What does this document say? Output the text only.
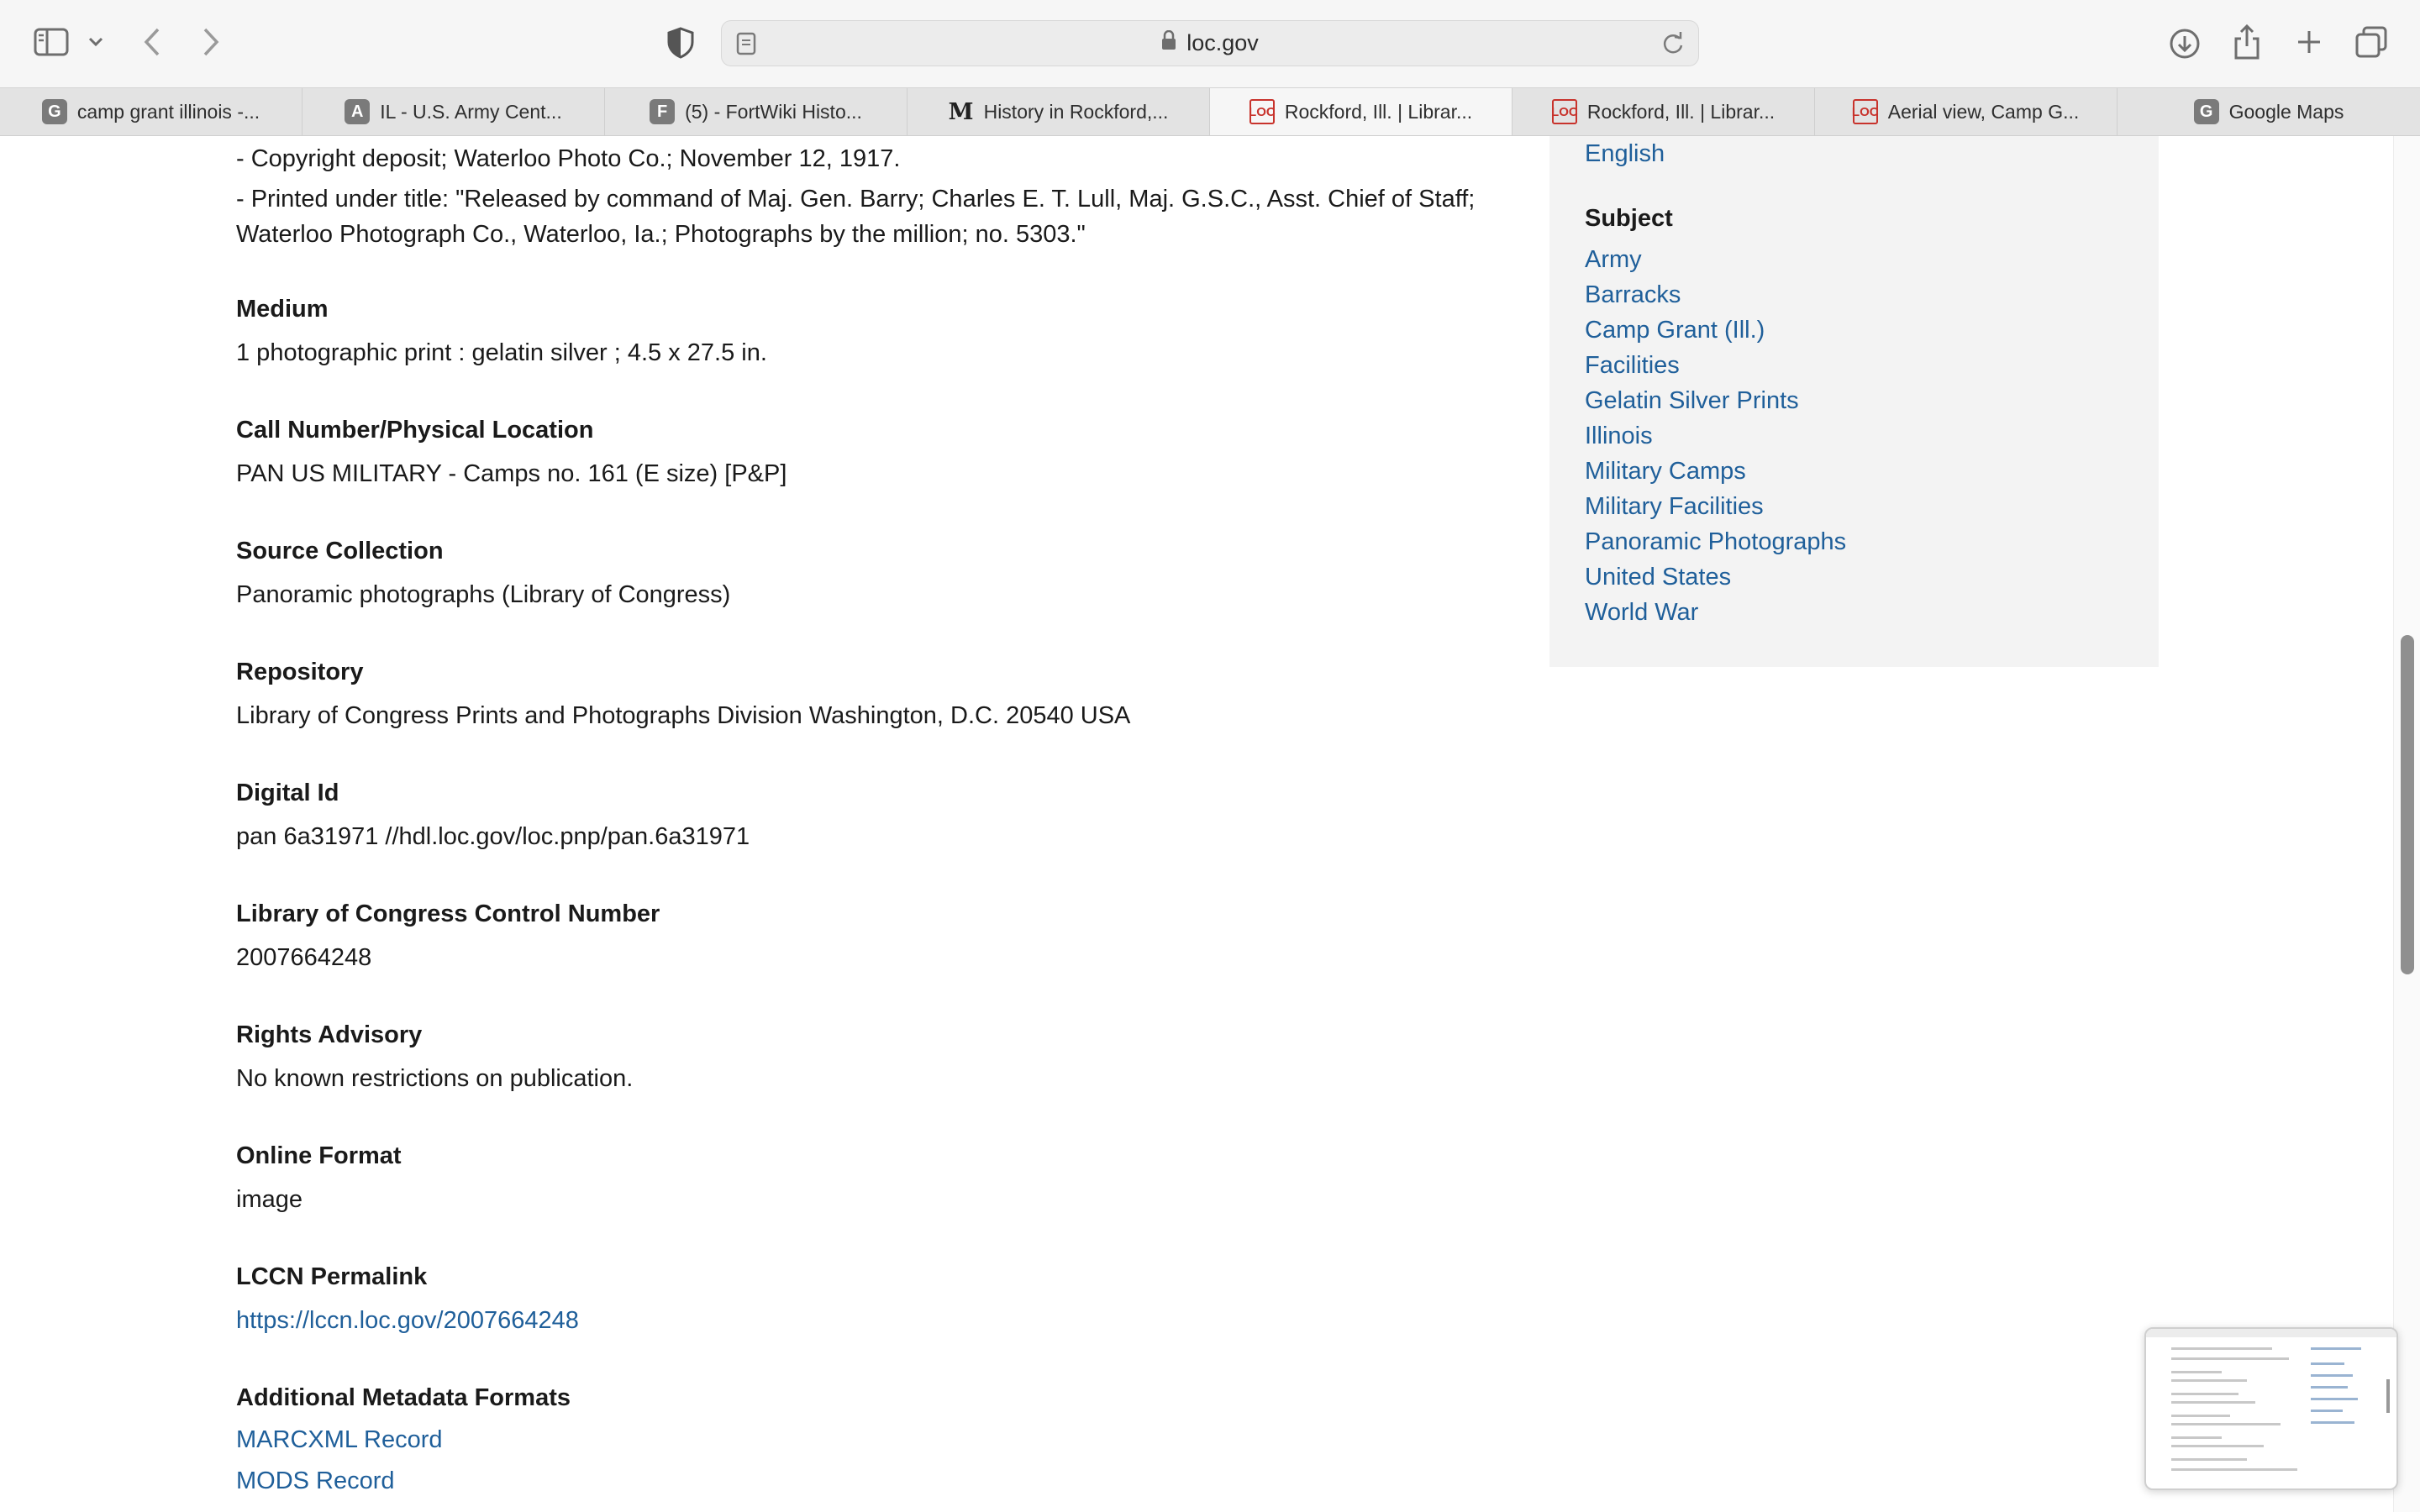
loc.gov
G camp grant illinois -...	A IL - U.S. Army Cent...	F (5) - FortWiki Histo...	M History in Rockford,...	LOC Rockford, Ill. | Librar...	LOC Rockford, Ill. | Librar...	LOC Aerial view, Camp G...	G Google Maps
- Copyright deposit; Waterloo Photo Co.; November 12, 1917.
- Printed under title: "Released by command of Maj. Gen. Barry; Charles E. T. Lull, Maj. G.S.C., Asst. Chief of Staff; Waterloo Photograph Co., Waterloo, Ia.; Photographs by the million; no. 5303."
Medium
1 photographic print : gelatin silver ; 4.5 x 27.5 in.
Call Number/Physical Location
PAN US MILITARY - Camps no. 161 (E size) [P&P]
Source Collection
Panoramic photographs (Library of Congress)
Repository
Library of Congress Prints and Photographs Division Washington, D.C. 20540 USA
Digital Id
pan 6a31971 //hdl.loc.gov/loc.pnp/pan.6a31971
Library of Congress Control Number
2007664248
Rights Advisory
No known restrictions on publication.
Online Format
image
LCCN Permalink
https://lccn.loc.gov/2007664248
Additional Metadata Formats
MARCXML Record
MODS Record
English
Subject
Army
Barracks
Camp Grant (Ill.)
Facilities
Gelatin Silver Prints
Illinois
Military Camps
Military Facilities
Panoramic Photographs
United States
World War
